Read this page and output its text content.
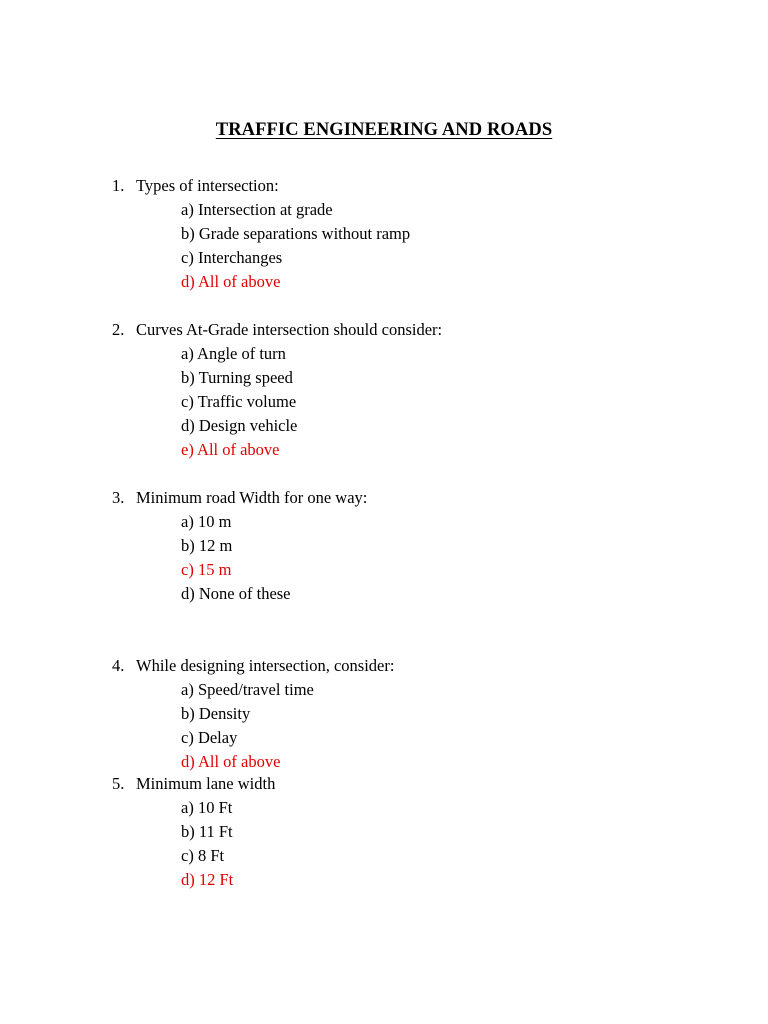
TRAFFIC ENGINEERING AND ROADS
1. Types of intersection:
a) Intersection at grade
b) Grade separations without ramp
c) Interchanges
d) All of above
2. Curves At-Grade intersection should consider:
a) Angle of turn
b) Turning speed
c) Traffic volume
d) Design vehicle
e) All of above
3. Minimum road Width for one way:
a) 10 m
b) 12 m
c) 15 m
d) None of these
4. While designing intersection, consider:
a) Speed/travel time
b) Density
c) Delay
d) All of above
5. Minimum lane width
a) 10 Ft
b) 11 Ft
c) 8 Ft
d) 12 Ft
